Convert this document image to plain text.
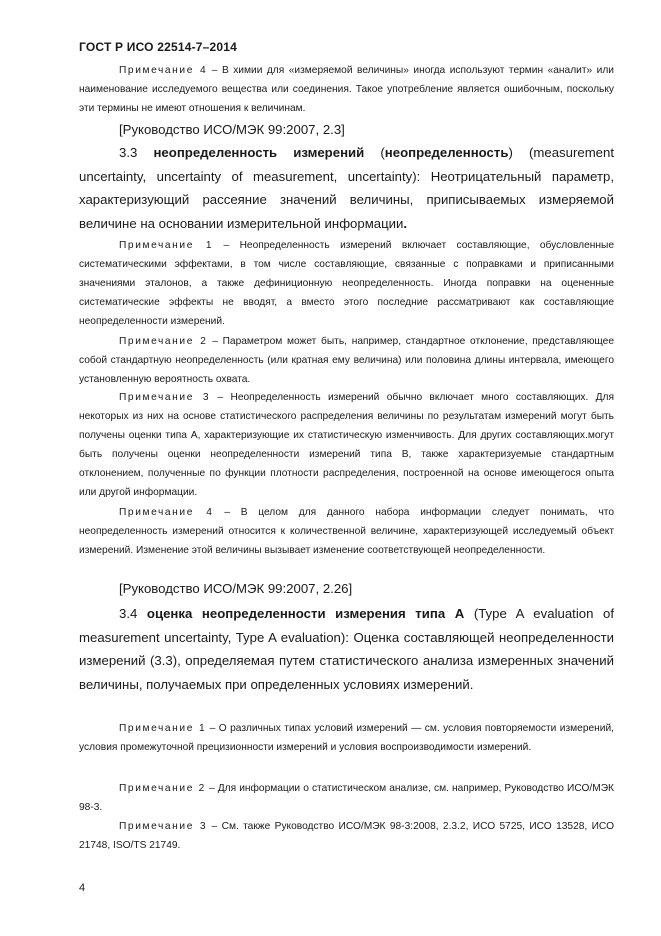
ГОСТ Р ИСО 22514-7–2014

Примечание 4 – В химии для «измеряемой величины» иногда используют термин «аналит» или наименование исследуемого вещества или соединения. Такое употребление является ошибочным, поскольку эти термины не имеют отношения к величинам.

[Руководство ИСО/МЭК 99:2007, 2.3]

3.3 неопределенность измерений (неопределенность) (measurement uncertainty, uncertainty of measurement, uncertainty): Неотрицательный параметр, характеризующий рассеяние значений величины, приписываемых измеряемой величине на основании измерительной информации.

Примечание 1 – Неопределенность измерений включает составляющие, обусловленные систематическими эффектами, в том числе составляющие, связанные с поправками и приписанными значениями эталонов, а также дефиниционную неопределенность. Иногда поправки на оцененные систематические эффекты не вводят, а вместо этого последние рассматривают как составляющие неопределенности измерений.

Примечание 2 – Параметром может быть, например, стандартное отклонение, представляющее собой стандартную неопределенность (или кратная ему величина) или половина длины интервала, имеющего установленную вероятность охвата.

Примечание 3 – Неопределенность измерений обычно включает много составляющих. Для некоторых из них на основе статистического распределения величины по результатам измерений могут быть получены оценки типа А, характеризующие их статистическую изменчивость. Для других составляющих.могут быть получены оценки неопределенности измерений типа В, также характеризуемые стандартным отклонением, полученные по функции плотности распределения, построенной на основе имеющегося опыта или другой информации.

Примечание 4 – В целом для данного набора информации следует понимать, что неопределенность измерений относится к количественной величине, характеризующей исследуемый объект измерений. Изменение этой величины вызывает изменение соответствующей неопределенности.

[Руководство ИСО/МЭК 99:2007, 2.26]

3.4 оценка неопределенности измерения типа А (Type A evaluation of measurement uncertainty, Type A evaluation): Оценка составляющей неопределенности измерений (3.3), определяемая путем статистического анализа измеренных значений величины, получаемых при определенных условиях измерений.

Примечание 1 – О различных типах условий измерений — см. условия повторяемости измерений, условия промежуточной прецизионности измерений и условия воспроизводимости измерений.

Примечание 2 – Для информации о статистическом анализе, см. например, Руководство ИСО/МЭК 98-3.

Примечание 3 – См. также Руководство ИСО/МЭК 98-3:2008, 2.3.2, ИСО 5725, ИСО 13528, ИСО 21748, ISO/TS 21749.

4
